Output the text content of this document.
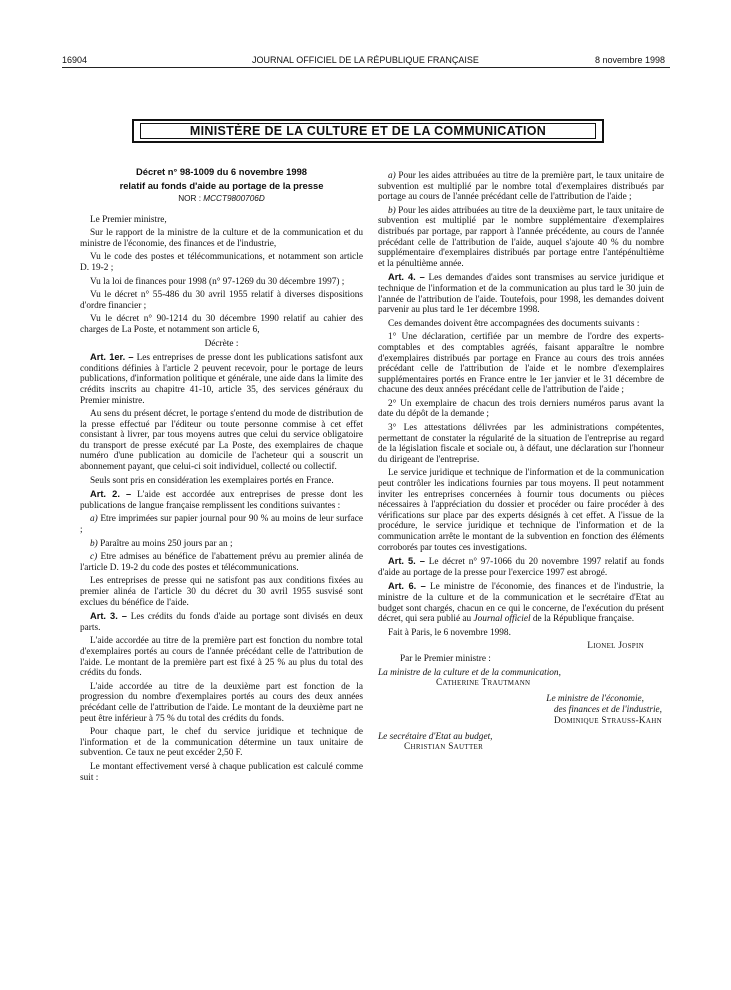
16904	JOURNAL OFFICIEL DE LA RÉPUBLIQUE FRANÇAISE	8 novembre 1998
MINISTÈRE DE LA CULTURE ET DE LA COMMUNICATION

Décret n° 98-1009 du 6 novembre 1998

relatif au fonds d'aide au portage de la presse

NOR : MCCT9800706D

Le Premier ministre,

Sur le rapport de la ministre de la culture et de la communication et du ministre de l'économie, des finances et de l'industrie,

Vu le code des postes et télécommunications, et notamment son article D. 19-2 ;

Vu la loi de finances pour 1998 (n° 97-1269 du 30 décembre 1997) ;

Vu le décret n° 55-486 du 30 avril 1955 relatif à diverses dispositions d'ordre financier ;

Vu le décret n° 90-1214 du 30 décembre 1990 relatif au cahier des charges de La Poste, et notamment son article 6,

Décrète :

Art. 1er. – Les entreprises de presse dont les publications satisfont aux conditions définies à l'article 2 peuvent recevoir, pour le portage de leurs publications, d'information politique et générale, une aide dans la limite des crédits inscrits au chapitre 41-10, article 35, des services généraux du Premier ministre.

Au sens du présent décret, le portage s'entend du mode de distribution de la presse effectué par l'éditeur ou toute personne commise à cet effet consistant à livrer, par tous moyens autres que celui du service obligatoire du transport de presse exécuté par La Poste, des exemplaires de chaque numéro d'une publication au domicile de l'acheteur qui a souscrit un abonnement payant, que celui-ci soit individuel, collecté ou collectif.

Seuls sont pris en considération les exemplaires portés en France.

Art. 2. – L'aide est accordée aux entreprises de presse dont les publications de langue française remplissent les conditions suivantes :

a) Etre imprimées sur papier journal pour 90 % au moins de leur surface ;

b) Paraître au moins 250 jours par an ;

c) Etre admises au bénéfice de l'abattement prévu au premier alinéa de l'article D. 19-2 du code des postes et télécommunications.

Les entreprises de presse qui ne satisfont pas aux conditions fixées au premier alinéa de l'article 30 du décret du 30 avril 1955 susvisé sont exclues du bénéfice de l'aide.

Art. 3. – Les crédits du fonds d'aide au portage sont divisés en deux parts.

L'aide accordée au titre de la première part est fonction du nombre total d'exemplaires portés au cours de l'année précédant celle de l'attribution de l'aide. Le montant de la première part est fixé à 25 % au plus du total des crédits du fonds.

L'aide accordée au titre de la deuxième part est fonction de la progression du nombre d'exemplaires portés au cours des deux années précédant celle de l'attribution de l'aide. Le montant de la deuxième part ne peut être inférieur à 75 % du total des crédits du fonds.

Pour chaque part, le chef du service juridique et technique de l'information et de la communication détermine un taux unitaire de subvention. Ce taux ne peut excéder 2,50 F.

Le montant effectivement versé à chaque publication est calculé comme suit :

a) Pour les aides attribuées au titre de la première part, le taux unitaire de subvention est multiplié par le nombre total d'exemplaires distribués par portage au cours de l'année précédant celle de l'attribution de l'aide ;

b) Pour les aides attribuées au titre de la deuxième part, le taux unitaire de subvention est multiplié par le nombre supplémentaire d'exemplaires distribués par portage, par rapport à l'année précédente, au cours de l'année précédant celle de l'attribution de l'aide, auquel s'ajoute 40 % du nombre supplémentaire d'exemplaires distribués par portage entre l'antépénultième et la pénultième année.

Art. 4. – Les demandes d'aides sont transmises au service juridique et technique de l'information et de la communication au plus tard le 30 juin de l'année de l'attribution de l'aide. Toutefois, pour 1998, les demandes doivent parvenir au plus tard le 1er décembre 1998.

Ces demandes doivent être accompagnées des documents suivants :

1° Une déclaration, certifiée par un membre de l'ordre des experts-comptables et des comptables agréés, faisant apparaître le nombre d'exemplaires distribués par portage en France au cours des trois années précédant celle de l'attribution de l'aide et le nombre d'exemplaires supplémentaires portés en France entre le 1er janvier et le 31 décembre de chacune des deux années précédant celle de l'attribution de l'aide ;

2° Un exemplaire de chacun des trois derniers numéros parus avant la date du dépôt de la demande ;

3° Les attestations délivrées par les administrations compétentes, permettant de constater la régularité de la situation de l'entreprise au regard de la législation fiscale et sociale ou, à défaut, une déclaration sur l'honneur du dirigeant de l'entreprise.

Le service juridique et technique de l'information et de la communication peut contrôler les indications fournies par tous moyens. Il peut notamment inviter les entreprises concernées à fournir tous documents ou pièces nécessaires à l'appréciation du dossier et procéder ou faire procéder à des vérifications sur place par des experts désignés à cet effet. A l'issue de la procédure, le service juridique et technique de l'information et de la communication arrête le montant de la subvention en fonction des éléments corroborés par toutes ces investigations.

Art. 5. – Le décret n° 97-1066 du 20 novembre 1997 relatif au fonds d'aide au portage de la presse pour l'exercice 1997 est abrogé.

Art. 6. – Le ministre de l'économie, des finances et de l'industrie, la ministre de la culture et de la communication et le secrétaire d'Etat au budget sont chargés, chacun en ce qui le concerne, de l'exécution du présent décret, qui sera publié au Journal officiel de la République française.

Fait à Paris, le 6 novembre 1998.

Lionel Jospin
Par le Premier ministre :
La ministre de la culture et de la communication,
Catherine Trautmann
Le ministre de l'économie,
des finances et de l'industrie,
Dominique Strauss-Kahn
Le secrétaire d'Etat au budget,
Christian Sautter
